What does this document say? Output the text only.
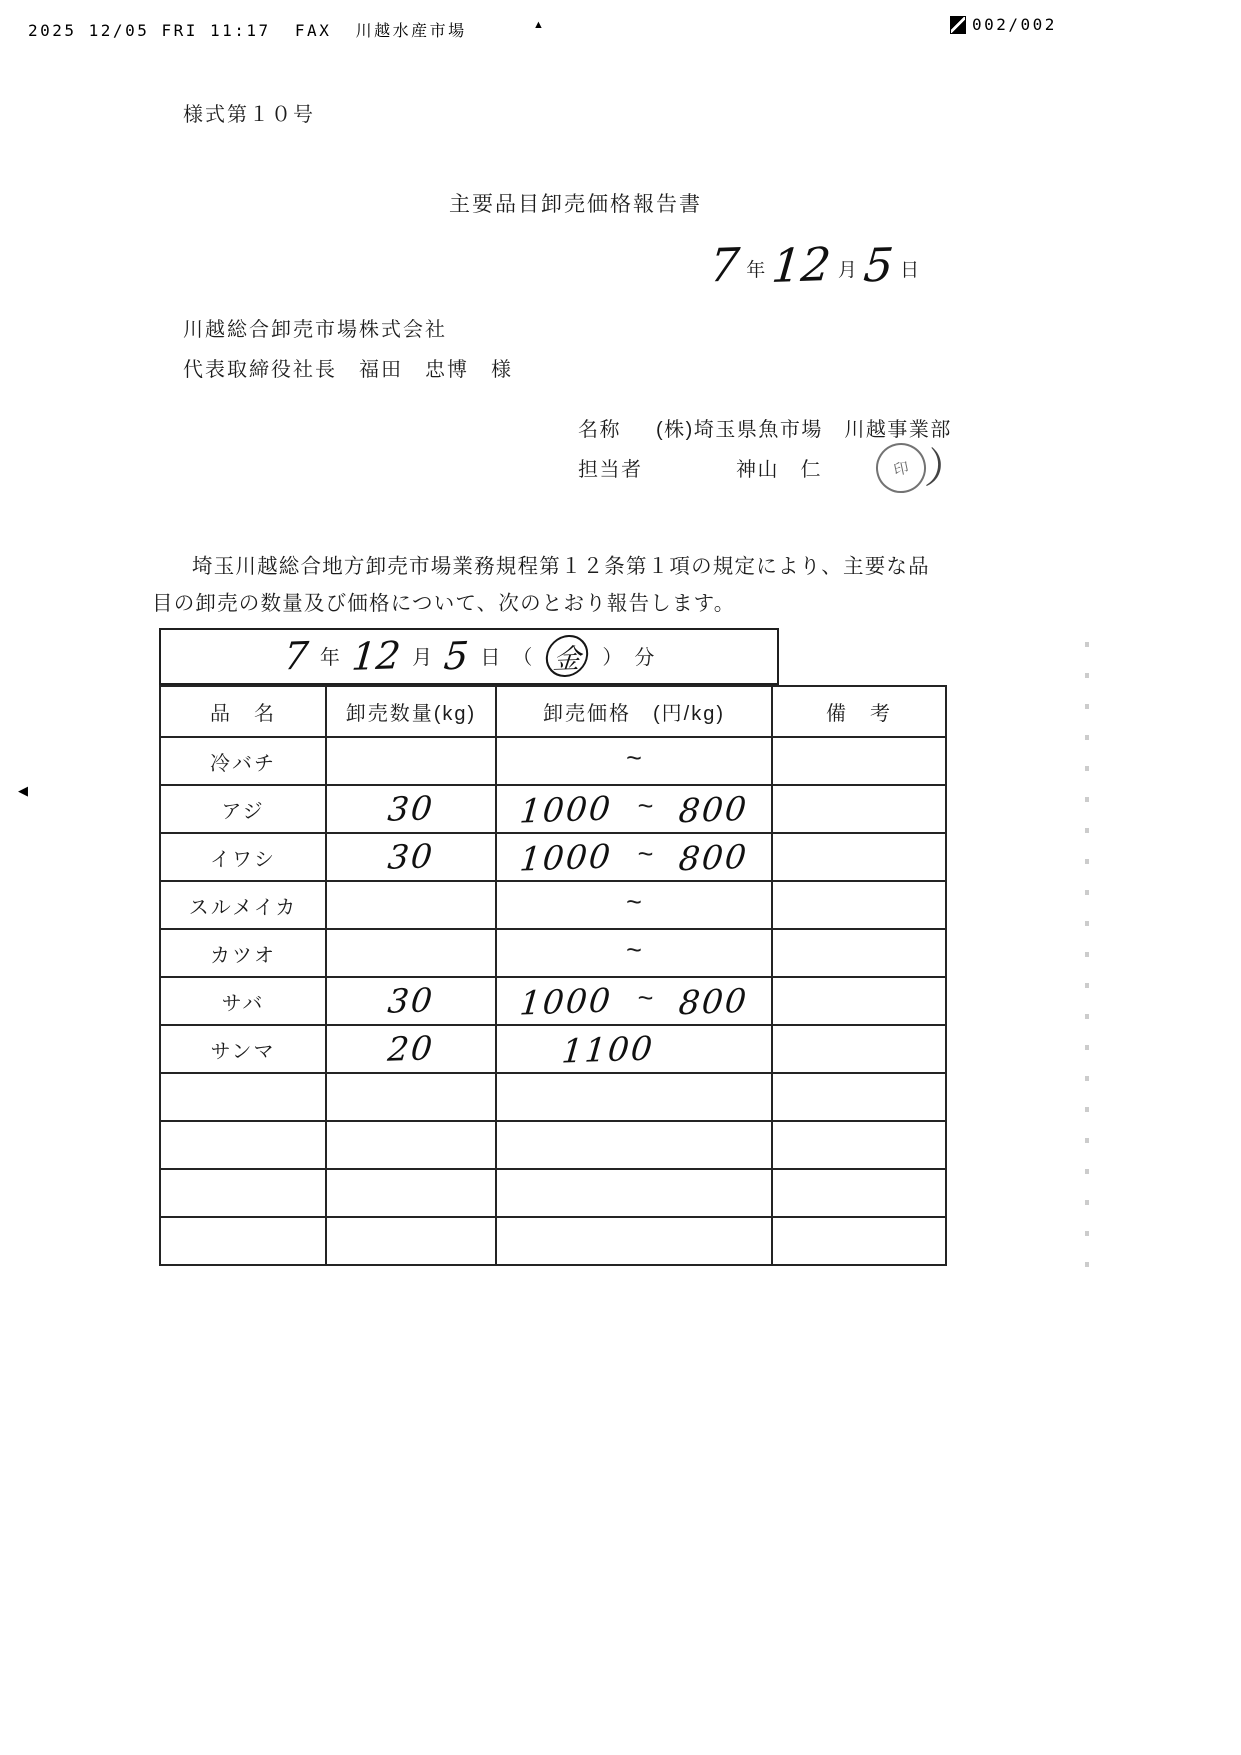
2025 12/05 FRI 11:17  FAX  川越水産市場	▲	002/002
◀
様式第１０号
主要品目卸売価格報告書
7 年 12 月 5 日
川越総合卸売市場株式会社
代表取締役社長　福田　忠博　様
名称	(株)埼玉県魚市場　川越事業部
担当者	神山　仁	印 ）
埼玉川越総合地方卸売市場業務規程第１２条第１項の規定により、主要な品
目の卸売の数量及び価格について、次のとおり報告します。
7 年 12 月 5 日 （ 金	） 分
品　名	卸売数量(kg)	卸売価格　(円/kg)	備　考
冷バチ		~	

アジ	30	1000 ~ 800	

イワシ	30	1000 ~ 800	

スルメイカ		~	

カツオ		~	

サバ	30	1000 ~ 800	

サンマ	20	1100	
